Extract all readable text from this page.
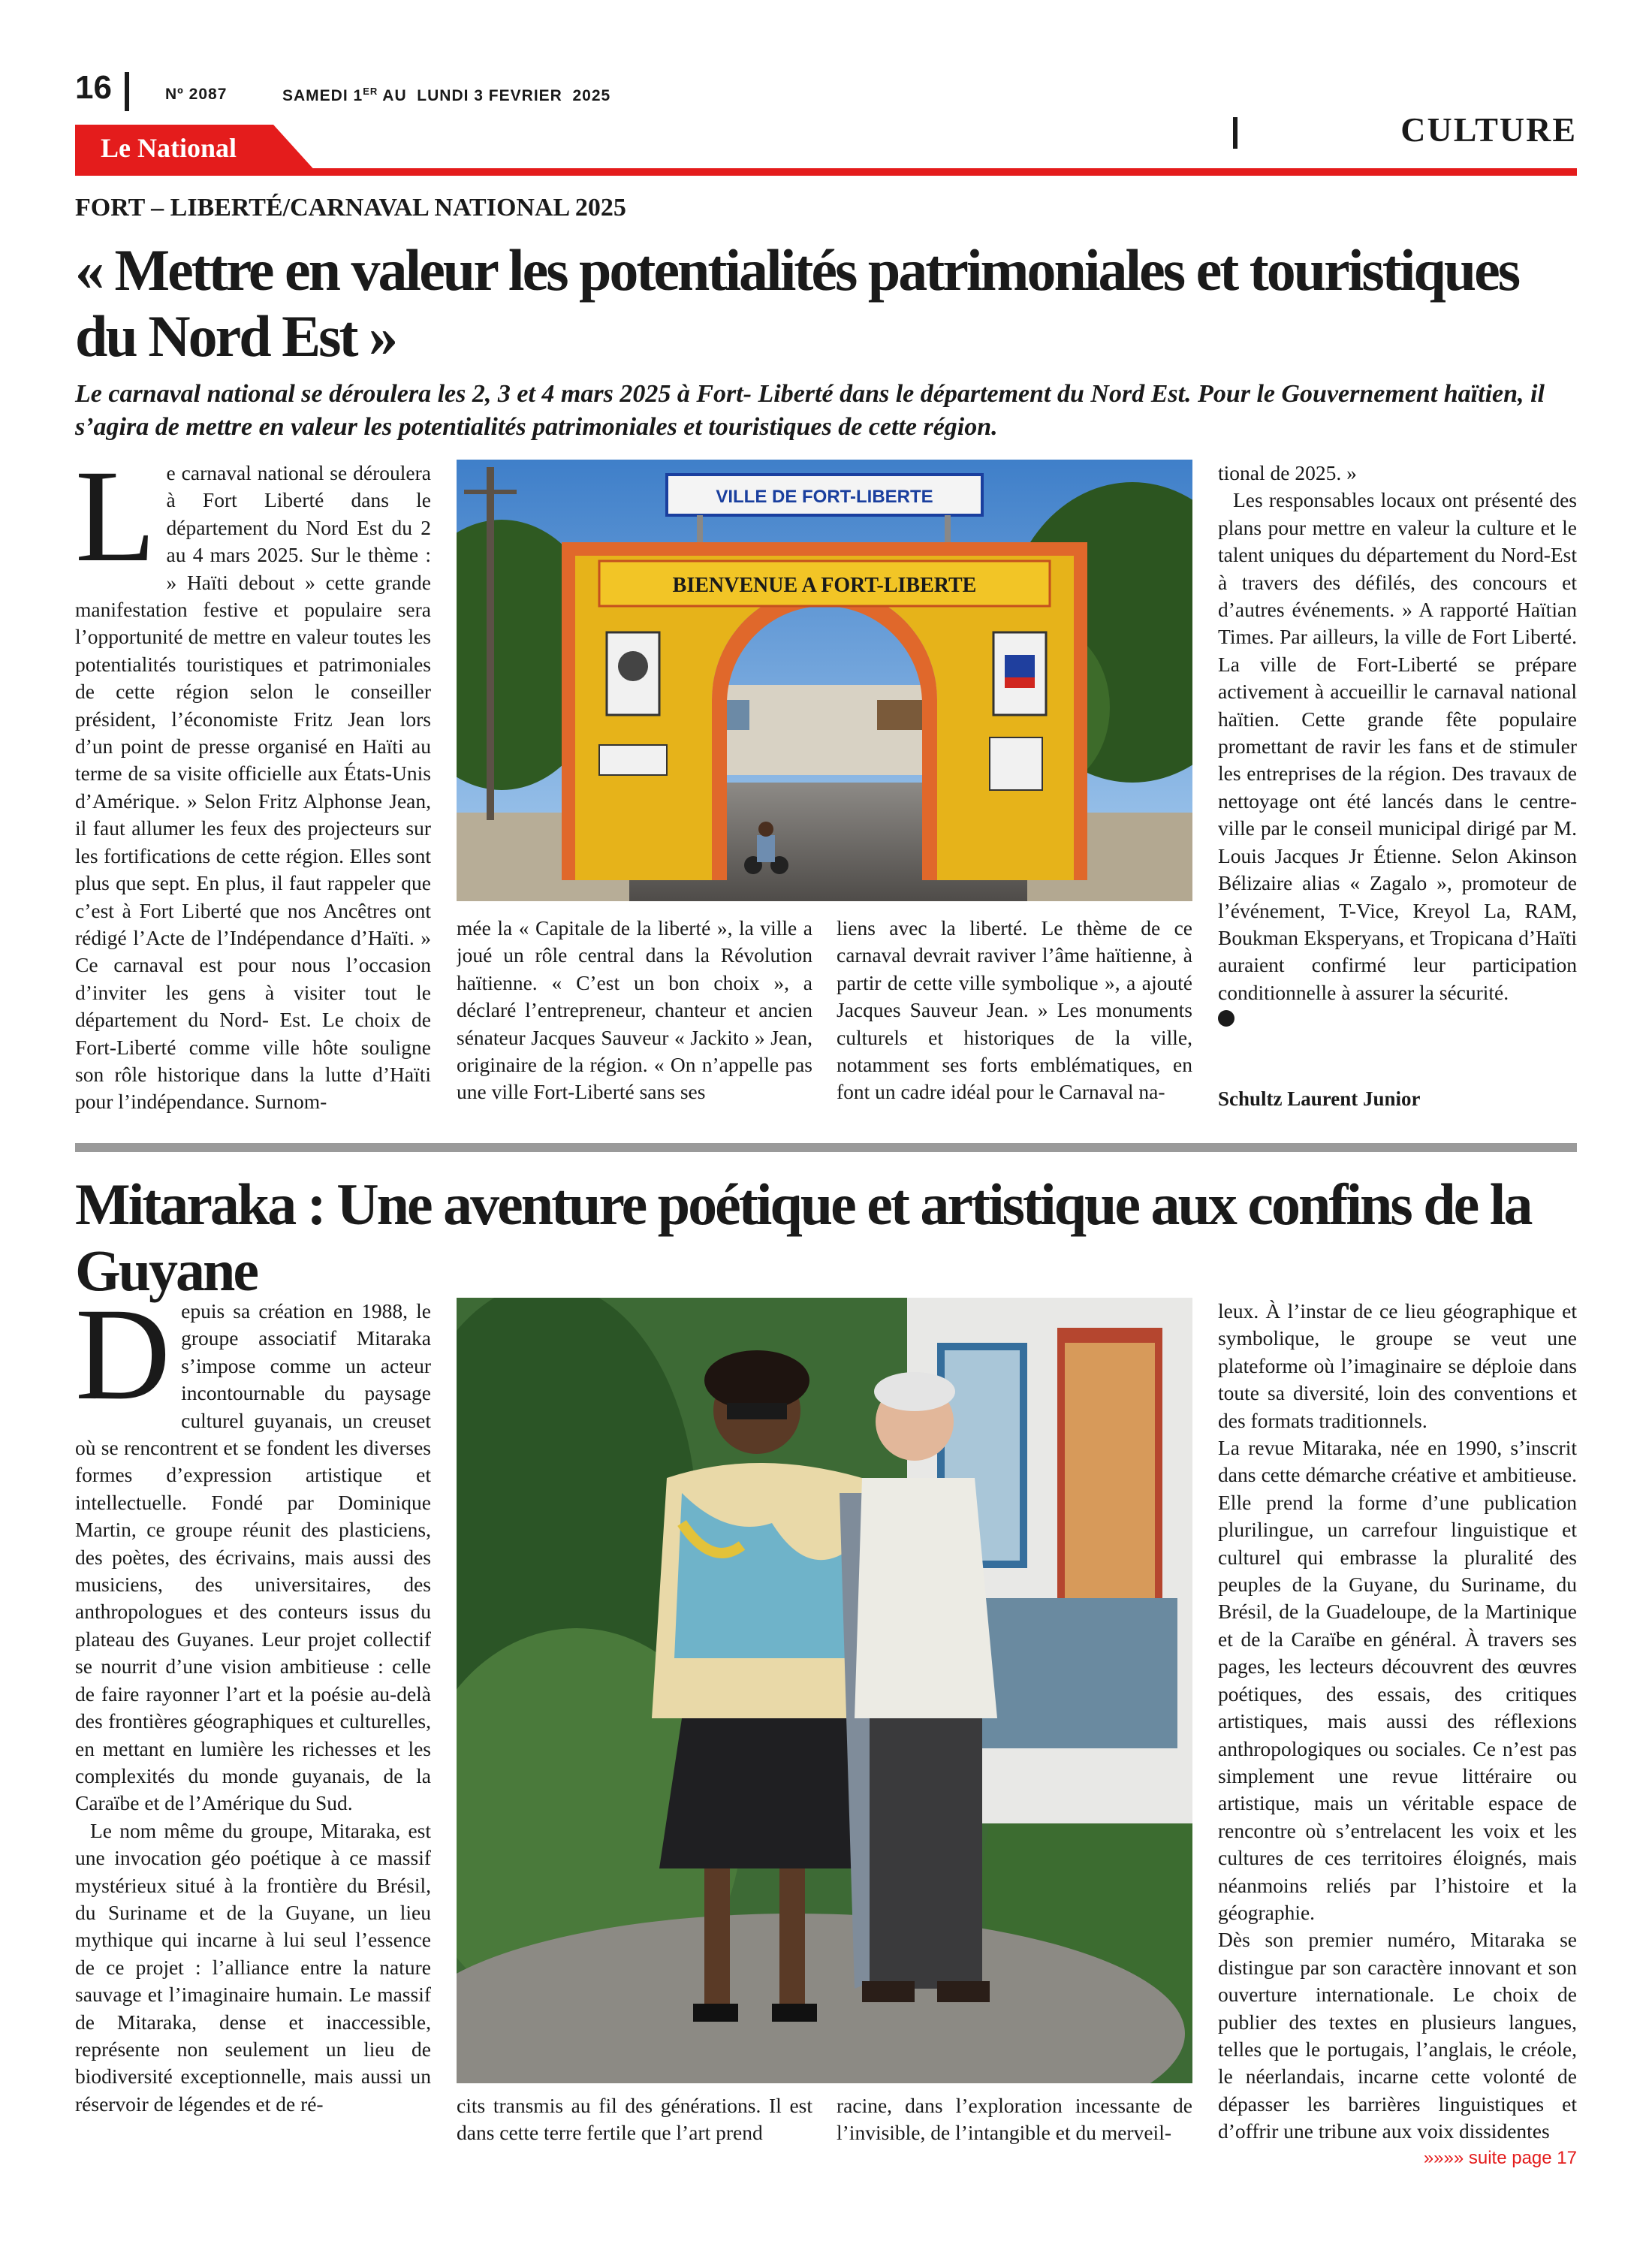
16	Nº 2087	SAMEDI 1ER AU  LUNDI 3 FEVRIER  2025
CULTURE
Le National
FORT – LIBERTÉ/CARNAVAL NATIONAL 2025
« Mettre en valeur les potentialités patrimoniales et touristiques du Nord Est »

Le carnaval national se déroulera les 2, 3 et 4 mars 2025 à Fort- Liberté dans le département du Nord Est. Pour le Gouvernement haïtien, il s’agira de mettre en valeur les potentialités patrimoniales et touristiques de cette région.

Le carnaval national se déroulera à Fort Liberté dans le département du Nord Est du 2 au 4 mars 2025. Sur le thème : » Haïti debout » cette grande manifestation festive et populaire sera l’opportunité de mettre en valeur toutes les potentialités touristiques et patrimoniales de cette région selon le conseiller président, l’économiste Fritz Jean lors d’un point de presse organisé en Haïti au terme de sa visite officielle aux États-Unis d’Amérique. » Selon Fritz Alphonse Jean, il faut allumer les feux des projecteurs sur les fortifications de cette région. Elles sont plus que sept. En plus, il faut rappeler que c’est à Fort Liberté que nos Ancêtres ont rédigé l’Acte de l’Indépendance d’Haïti. » Ce carnaval est pour nous l’occasion d’inviter les gens à visiter tout le département du Nord- Est. Le choix de Fort-Liberté comme ville hôte souligne son rôle historique dans la lutte d’Haïti pour l’indépendance. Surnom-

BIENVENUE A FORT-LIBERTE
VILLE DE FORT-LIBERTE

mée la « Capitale de la liberté », la ville a joué un rôle central dans la Révolution haïtienne. « C’est un bon choix », a déclaré l’entrepreneur, chanteur et ancien sénateur Jacques Sauveur « Jackito » Jean, originaire de la région. « On n’appelle pas une ville Fort-Liberté sans ses

liens avec la liberté. Le thème de ce carnaval devrait raviver l’âme haïtienne, à partir de cette ville symbolique », a ajouté Jacques Sauveur Jean. » Les monuments culturels et historiques de la ville, notamment ses forts emblématiques, en font un cadre idéal pour le Carnaval na-

tional de 2025. »

Les responsables locaux ont présenté des plans pour mettre en valeur la culture et le talent uniques du département du Nord-Est à travers des défilés, des concours et d’autres événements. » A rapporté Haïtian Times. Par ailleurs, la ville de Fort Liberté. La ville de Fort-Liberté se prépare activement à accueillir le carnaval national haïtien. Cette grande fête populaire promettant de ravir les fans et de stimuler les entreprises de la région. Des travaux de nettoyage ont été lancés dans le centre-ville par le conseil municipal dirigé par M. Louis Jacques Jr Étienne. Selon Akinson Bélizaire alias « Zagalo », promoteur de l’événement, T-Vice, Kreyol La, RAM, Boukman Eksperyans, et Tropicana d’Haïti auraient confirmé leur participation conditionnelle à assurer la sécurité.

Schultz Laurent Junior
Mitaraka : Une aventure poétique et artistique aux confins de la Guyane

Depuis sa création en 1988, le groupe associatif Mitaraka s’impose comme un acteur incontournable du paysage culturel guyanais, un creuset où se rencontrent et se fondent les diverses formes d’expression artistique et intellectuelle. Fondé par Dominique Martin, ce groupe réunit des plasticiens, des poètes, des écrivains, mais aussi des musiciens, des universitaires, des anthropologues et des conteurs issus du plateau des Guyanes. Leur projet collectif se nourrit d’une vision ambitieuse : celle de faire rayonner l’art et la poésie au-delà des frontières géographiques et culturelles, en mettant en lumière les richesses et les complexités du monde guyanais, de la Caraïbe et de l’Amérique du Sud.

Le nom même du groupe, Mitaraka, est une invocation géo poétique à ce massif mystérieux situé à la frontière du Brésil, du Suriname et de la Guyane, un lieu mythique qui incarne à lui seul l’essence de ce projet : l’alliance entre la nature sauvage et l’imaginaire humain. Le massif de Mitaraka, dense et inaccessible, représente non seulement un lieu de biodiversité exceptionnelle, mais aussi un réservoir de légendes et de ré-	cits transmis au fil des générations. Il est dans cette terre fertile que l’art prend

racine, dans l’exploration incessante de l’invisible, de l’intangible et du merveil-

leux. À l’instar de ce lieu géographique et symbolique, le groupe se veut une plateforme où l’imaginaire se déploie dans toute sa diversité, loin des conventions et des formats traditionnels.

La revue Mitaraka, née en 1990, s’inscrit dans cette démarche créative et ambitieuse. Elle prend la forme d’une publication plurilingue, un carrefour linguistique et culturel qui embrasse la pluralité des peuples de la Guyane, du Suriname, du Brésil, de la Guadeloupe, de la Martinique et de la Caraïbe en général. À travers ses pages, les lecteurs découvrent des œuvres poétiques, des essais, des critiques artistiques, mais aussi des réflexions anthropologiques ou sociales. Ce n’est pas simplement une revue littéraire ou artistique, mais un véritable espace de rencontre où s’entrelacent les voix et les cultures de ces territoires éloignés, mais néanmoins reliés par l’histoire et la géographie.

Dès son premier numéro, Mitaraka se distingue par son caractère innovant et son ouverture internationale. Le choix de publier des textes en plusieurs langues, telles que le portugais, l’anglais, le créole, le néerlandais, incarne cette volonté de dépasser les barrières linguistiques et d’offrir une tribune aux voix dissidentes

»»»» suite page 17
